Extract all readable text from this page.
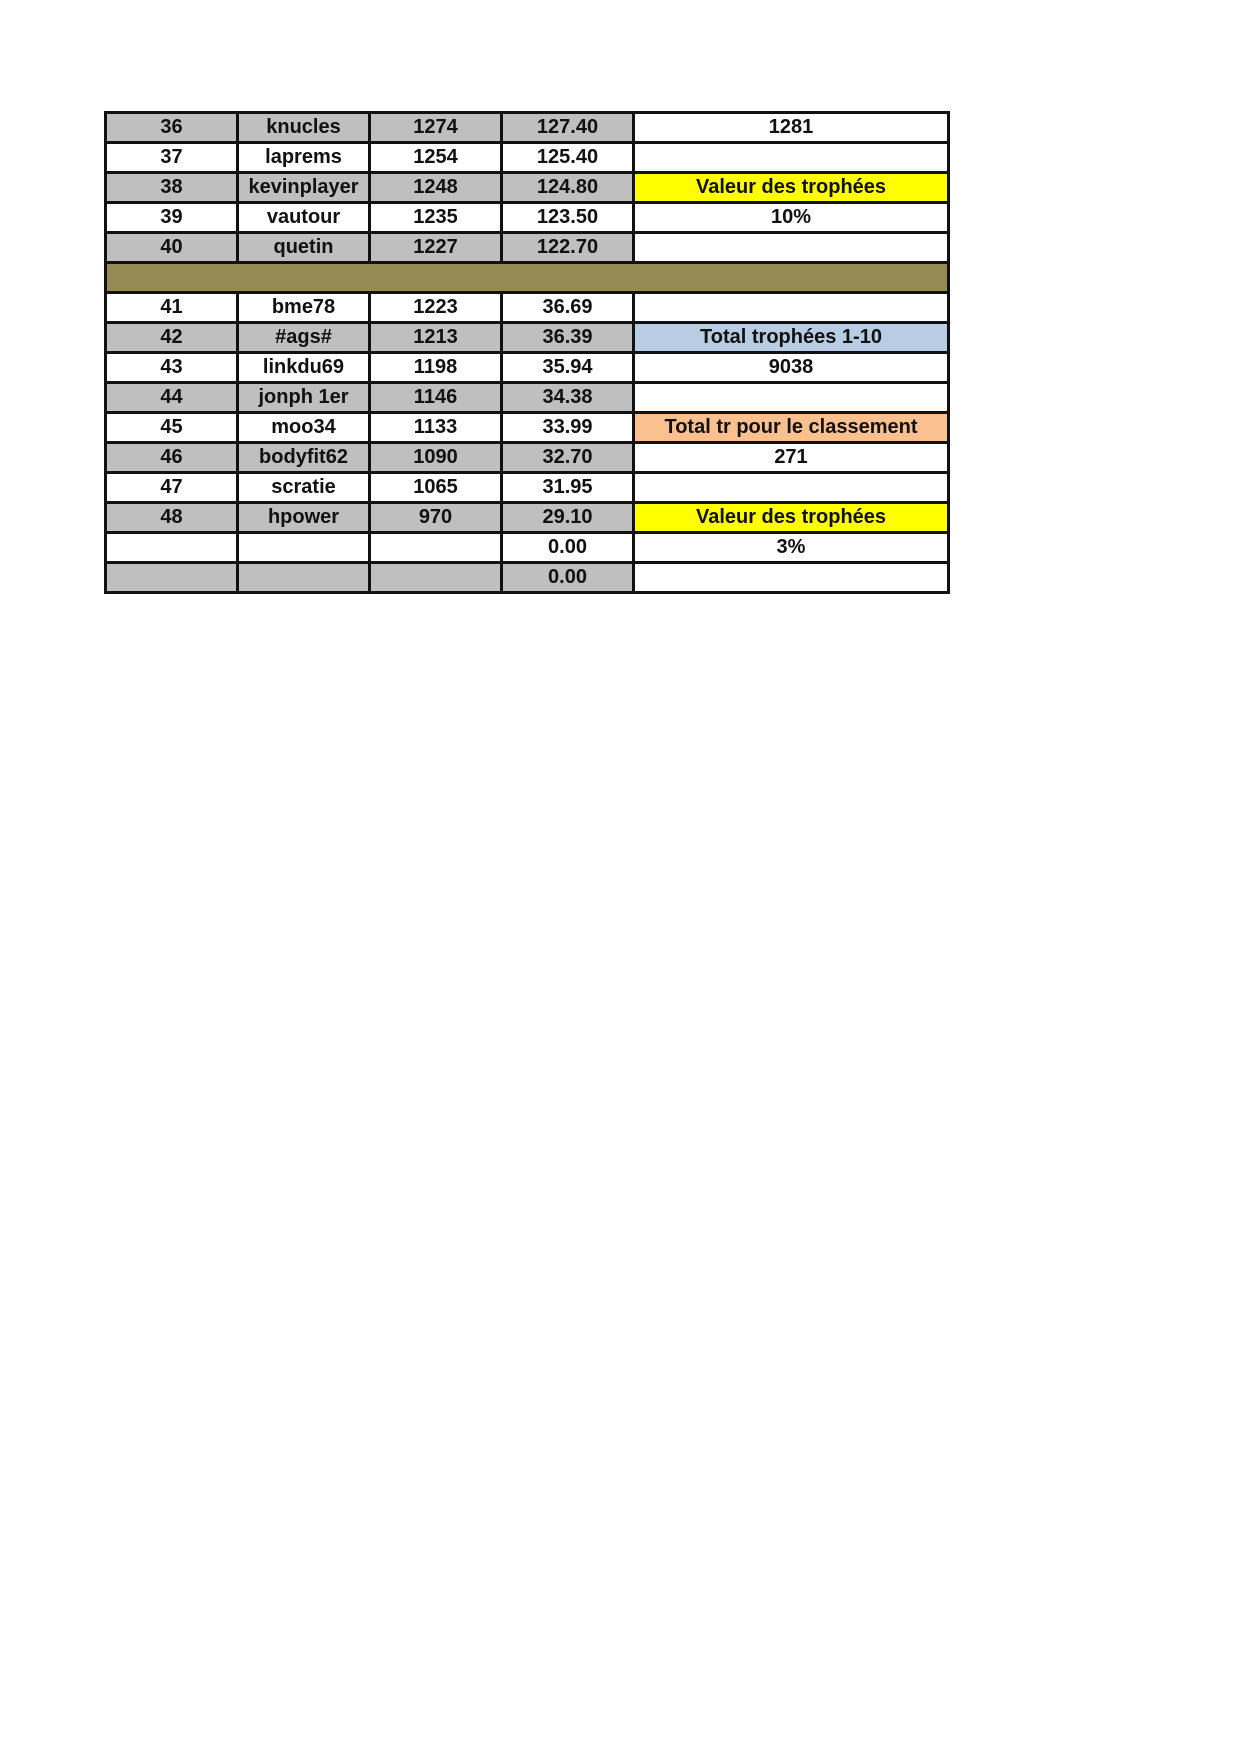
36	knucles	1274	127.40	1281
37	laprems	1254	125.40	
38	kevinplayer	1248	124.80	Valeur des trophées
39	vautour	1235	123.50	10%
40	quetin	1227	122.70	

41	bme78	1223	36.69	
42	#ags#	1213	36.39	Total trophées 1-10
43	linkdu69	1198	35.94	9038
44	jonph 1er	1146	34.38	
45	moo34	1133	33.99	Total tr pour le classement
46	bodyfit62	1090	32.70	271
47	scratie	1065	31.95	
48	hpower	970	29.10	Valeur des trophées
			0.00	3%
			0.00	
